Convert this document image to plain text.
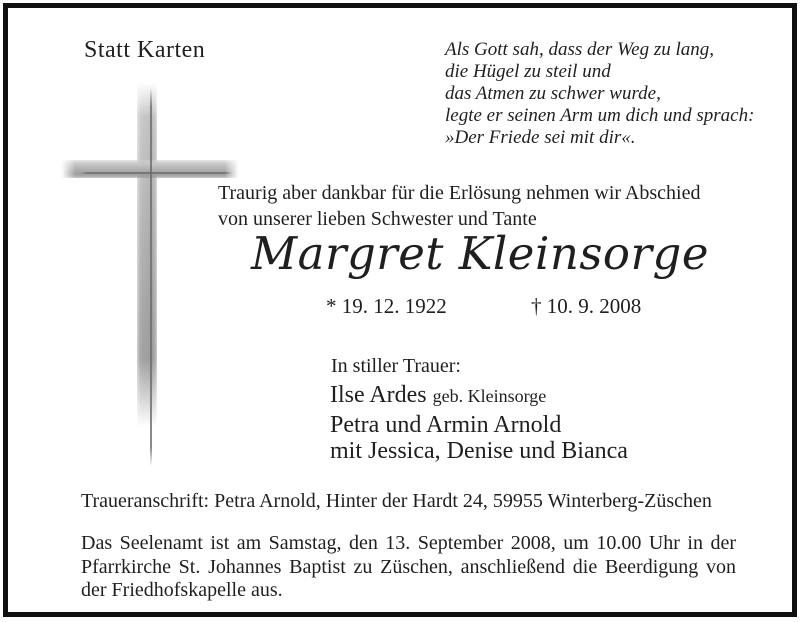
Statt Karten	Als Gott sah, dass der Weg zu lang,
die Hügel zu steil und
das Atmen zu schwer wurde,
legte er seinen Arm um dich und sprach:
»Der Friede sei mit dir«.
Traurig aber dankbar für die Erlösung nehmen wir Abschied
von unserer lieben Schwester und Tante
Margret Kleinsorge
* 19. 12. 1922	† 10. 9. 2008
In stiller Trauer:
Ilse Ardes geb. Kleinsorge
Petra und Armin Arnold
mit Jessica, Denise und Bianca
Traueranschrift: Petra Arnold, Hinter der Hardt 24, 59955 Winterberg-Züschen
Das Seelenamt ist am Samstag, den 13. September 2008, um 10.00 Uhr in der
Pfarrkirche St. Johannes Baptist zu Züschen, anschließend die Beerdigung von
der Friedhofskapelle aus.
